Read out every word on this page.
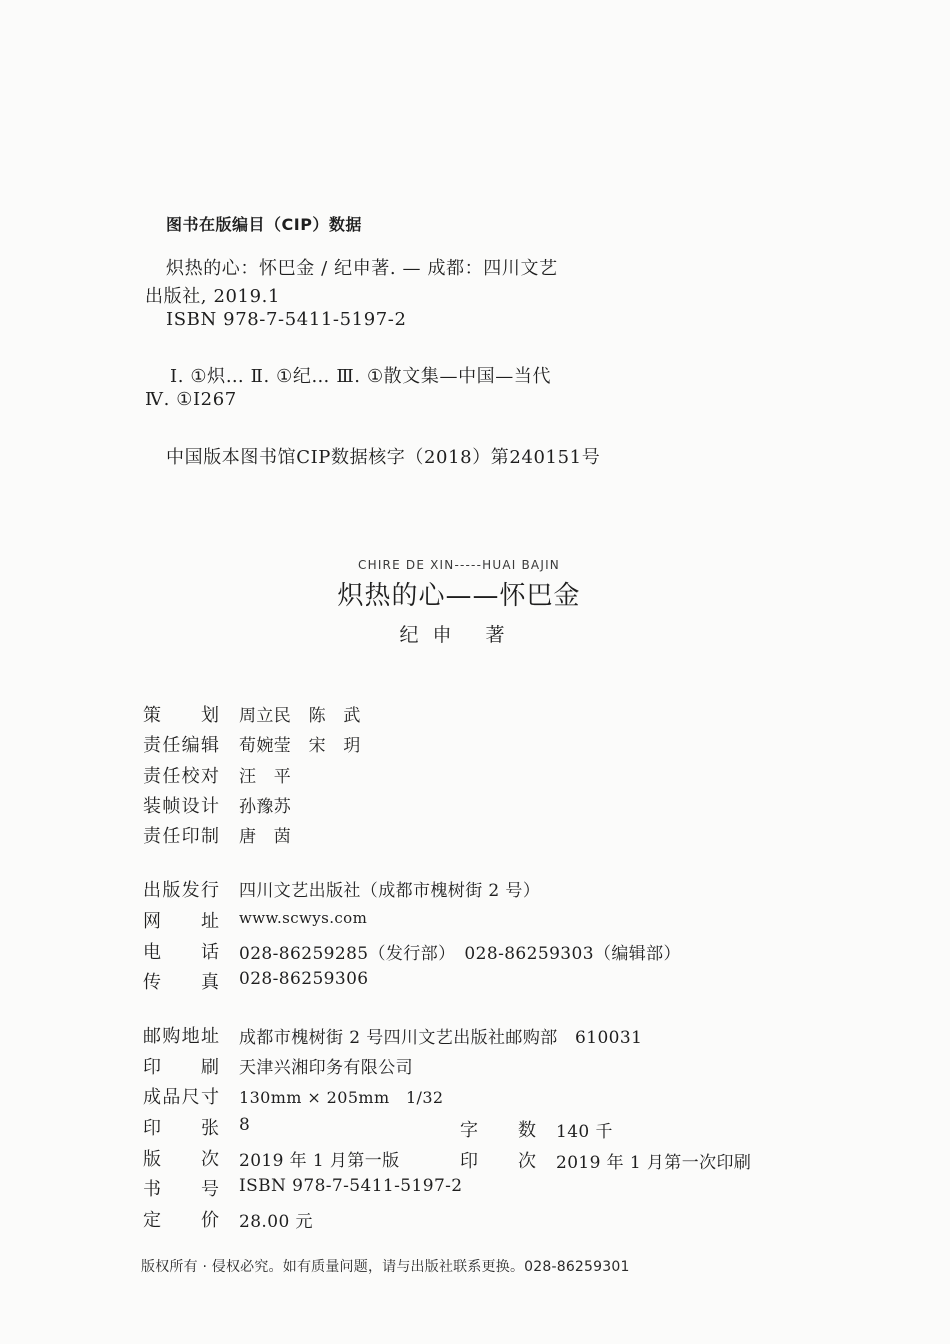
图书在版编目（CIP）数据
炽热的心：怀巴金 / 纪申著. — 成都：四川文艺
出版社, 2019.1
ISBN 978-7-5411-5197-2
Ⅰ. ①炽… Ⅱ. ①纪… Ⅲ. ①散文集—中国—当代
Ⅳ. ①I267
中国版本图书馆CIP数据核字（2018）第240151号
CHIRE DE XIN-----HUAI BAJIN
炽热的心——怀巴金
纪申 著
策　划 周立民　陈　武
责任编辑 荀婉莹　宋　玥
责任校对 汪　平
装帧设计 孙豫苏
责任印制 唐　茵
出版发行 四川文艺出版社（成都市槐树街 2 号）
网　址 www.scwys.com
电　话 028-86259285（发行部）　028-86259303（编辑部）
传　真 028-86259306
邮购地址 成都市槐树街 2 号四川文艺出版社邮购部　610031
印　刷 天津兴湘印务有限公司
成品尺寸 130mm × 205mm　1/32
印　张 8	字　数 140 千
版　次 2019 年 1 月第一版	印　次 2019 年 1 月第一次印刷
书　号 ISBN 978-7-5411-5197-2
定　价 28.00 元
版权所有 · 侵权必究。如有质量问题，请与出版社联系更换。028-86259301
